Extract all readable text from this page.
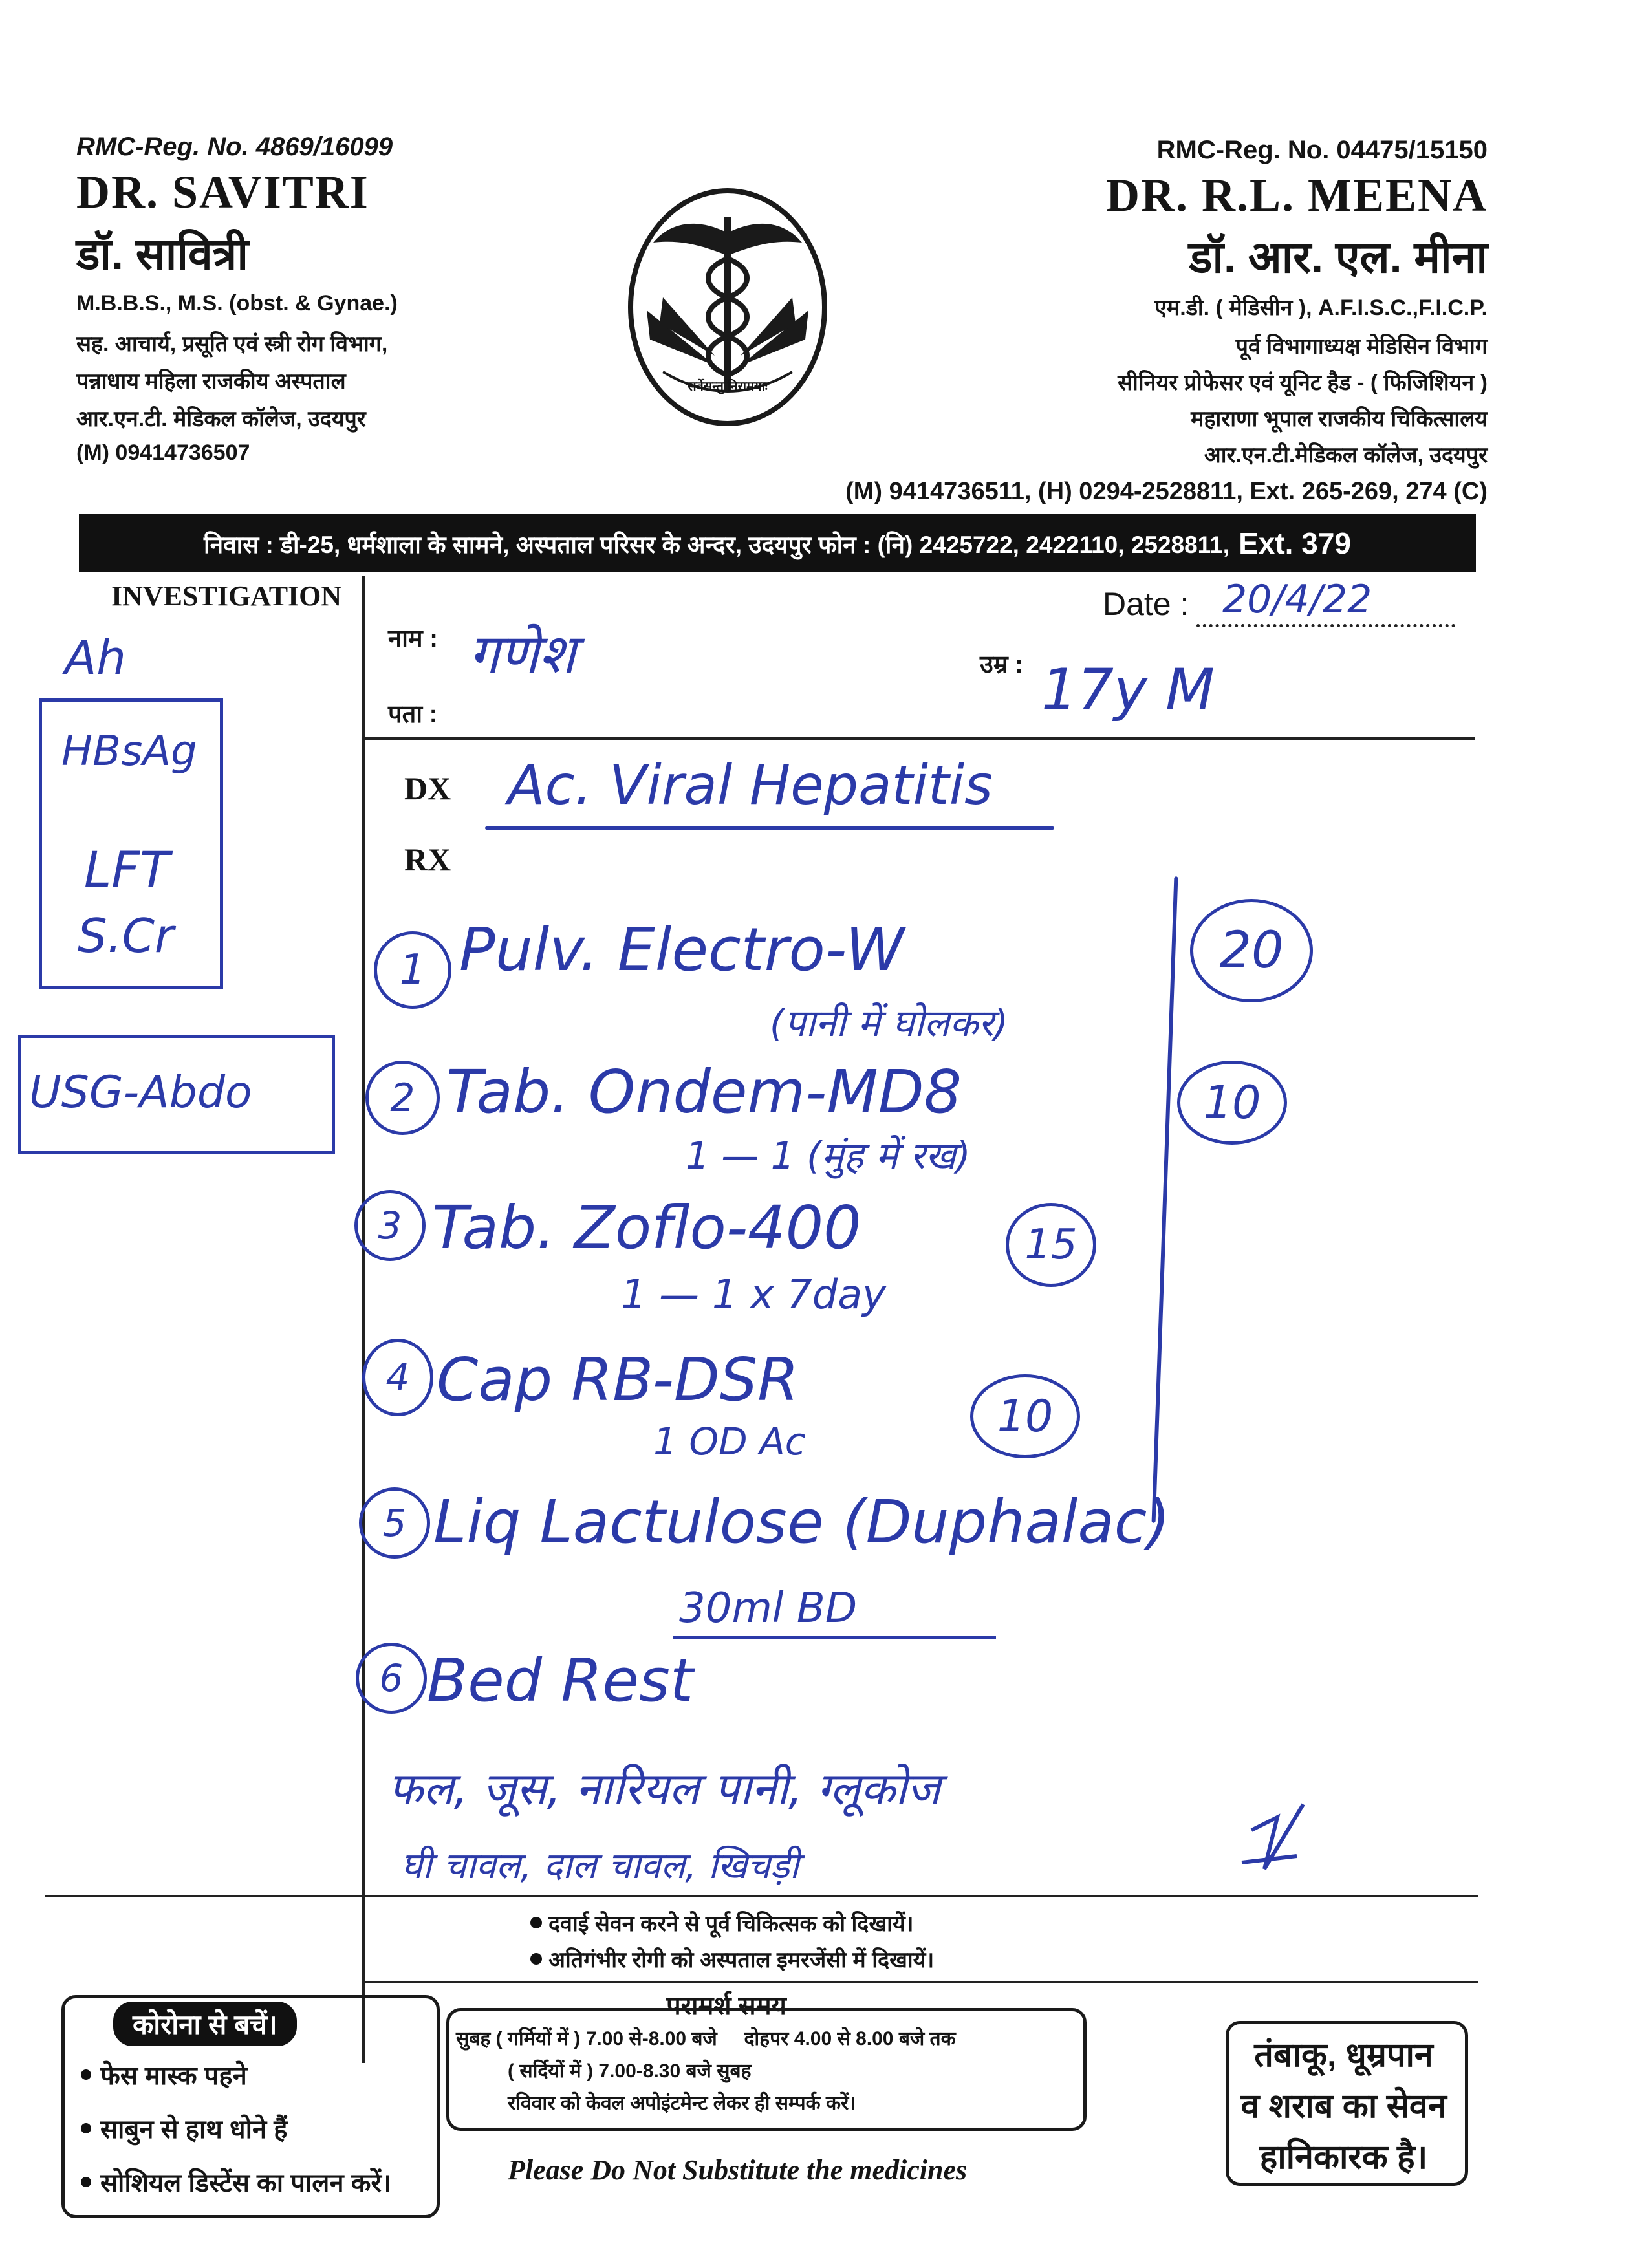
RMC-Reg. No. 4869/16099
DR. SAVITRI
डॉ. सावित्री
M.B.B.S., M.S. (obst. & Gynae.)
सह. आचार्य, प्रसूति एवं स्त्री रोग विभाग,
पन्नाधाय महिला राजकीय अस्पताल
आर.एन.टी. मेडिकल कॉलेज, उदयपुर
(M) 09414736507
सर्वेसन्तु निरामयाः
RMC-Reg. No. 04475/15150
DR. R.L. MEENA
डॉ. आर. एल. मीना
एम.डी. ( मेडिसीन ), A.F.I.S.C.,F.I.C.P.
पूर्व विभागाध्यक्ष मेडिसिन विभाग
सीनियर प्रोफेसर एवं यूनिट हैड - ( फिजिशियन )
महाराणा भूपाल राजकीय चिकित्सालय
आर.एन.टी.मेडिकल कॉलेज, उदयपुर
(M) 9414736511, (H) 0294-2528811, Ext. 265-269, 274 (C)
निवास : डी-25, धर्मशाला के सामने, अस्पताल परिसर के अन्दर, उदयपुर फोन : (नि) 2425722, 2422110, 2528811, Ext. 379
INVESTIGATION	Date : 20/4/22
नाम : गणेश	उम्र : 17y M
पता :
DX
RX
Ac. Viral Hepatitis
Ah
HBsAg
LFT
S.Cr
USG-Abdo
1 Pulv. Electro-W
(पानी में घोलकर)
20
2 Tab. Ondem-MD8
1 — 1 (मुंह में रख)
10
3 Tab. Zoflo-400
1 — 1 x 7day
15
4 Cap RB-DSR
1 OD Ac	10
5 Liq Lactulose (Duphalac)
30ml BD
6 Bed Rest
फल, जूस, नारियल पानी, ग्लूकोज
घी चावल, दाल चावल, खिचड़ी
दवाई सेवन करने से पूर्व चिकित्सक को दिखायें।
अतिगंभीर रोगी को अस्पताल इमरजेंसी में दिखायें।
कोरोना से बचें।
फेस मास्क पहने
साबुन से हाथ धोने हैं
सोशियल डिस्टेंस का पालन करें।
परामर्श समय
सुबह ( गर्मियों में ) 7.00 से-8.00 बजे     दोहपर 4.00 से 8.00 बजे तक
( सर्दियों में ) 7.00-8.30 बजे सुबह
रविवार को केवल अपोइंटमेन्ट लेकर ही सम्पर्क करें।
Please Do Not Substitute the medicines
तंबाकू, धूम्रपान
व शराब का सेवन
हानिकारक है।
